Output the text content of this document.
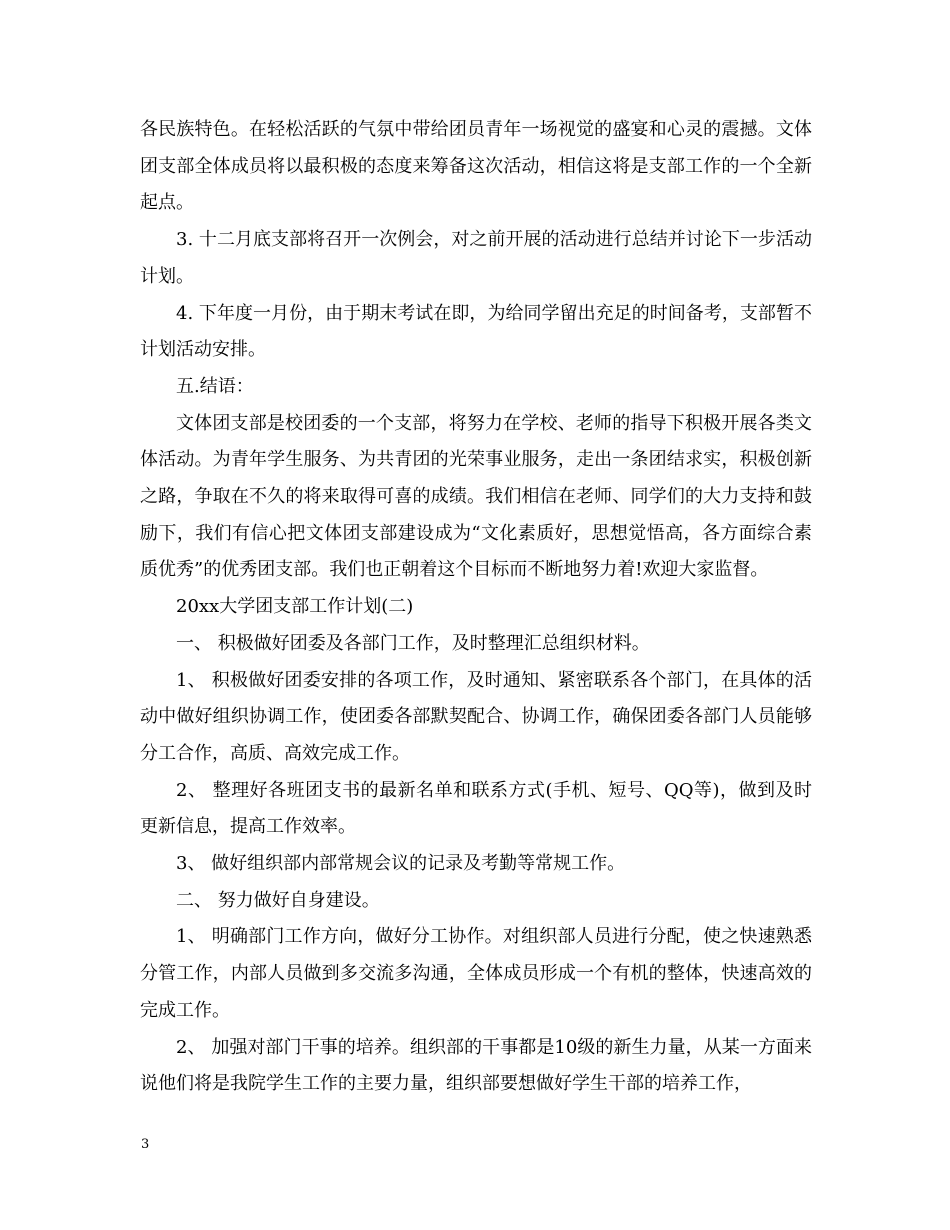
各民族特色。在轻松活跃的气氛中带给团员青年一场视觉的盛宴和心灵的震撼。文体团支部全体成员将以最积极的态度来筹备这次活动，相信这将是支部工作的一个全新起点。

3. 十二月底支部将召开一次例会，对之前开展的活动进行总结并讨论下一步活动计划。

4. 下年度一月份，由于期末考试在即，为给同学留出充足的时间备考，支部暂不计划活动安排。

五.结语：

文体团支部是校团委的一个支部，将努力在学校、老师的指导下积极开展各类文体活动。为青年学生服务、为共青团的光荣事业服务，走出一条团结求实，积极创新之路，争取在不久的将来取得可喜的成绩。我们相信在老师、同学们的大力支持和鼓励下，我们有信心把文体团支部建设成为“文化素质好，思想觉悟高，各方面综合素质优秀”的优秀团支部。我们也正朝着这个目标而不断地努力着!欢迎大家监督。

20xx大学团支部工作计划(二)

一、 积极做好团委及各部门工作，及时整理汇总组织材料。

1、 积极做好团委安排的各项工作，及时通知、紧密联系各个部门，在具体的活动中做好组织协调工作，使团委各部默契配合、协调工作，确保团委各部门人员能够分工合作，高质、高效完成工作。

2、 整理好各班团支书的最新名单和联系方式(手机、短号、QQ等)，做到及时更新信息，提高工作效率。

3、 做好组织部内部常规会议的记录及考勤等常规工作。

二、 努力做好自身建设。

1、 明确部门工作方向，做好分工协作。对组织部人员进行分配，使之快速熟悉分管工作，内部人员做到多交流多沟通，全体成员形成一个有机的整体，快速高效的完成工作。

2、 加强对部门干事的培养。组织部的干事都是10级的新生力量，从某一方面来说他们将是我院学生工作的主要力量，组织部要想做好学生干部的培养工作，

3
